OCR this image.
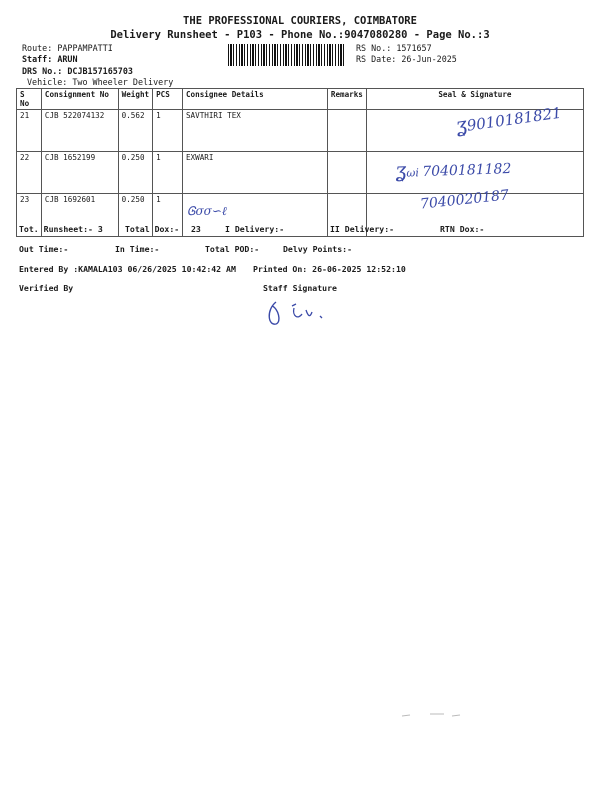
THE PROFESSIONAL COURIERS, COIMBATORE
Delivery Runsheet - P103 - Phone No.:9047080280 - Page No.:3
Route: PAPPAMPATTI
Staff: ARUN
DRS No.: DCJB157165703
Vehicle: Two Wheeler Delivery
RS No.: 1571657
RS Date: 26-Jun-2025
S No	Consignment No	Weight	PCS	Consignee Details	Remarks	Seal & Signature
21	CJB 522074132	0.562	1	SAVTHIRI TEX		
22	CJB 1652199	0.250	1	EXWARI		
23	CJB 1692601	0.250	1			
ʓ9010181821
ʓωi 7040181182
7040020187
Ꮆσσ∽ℓ
Tot. Runsheet:- 3	Total Dox:- 23	I Delivery:-	II Delivery:-	RTN Dox:-
Out Time:-	In Time:-	Total POD:-	Delvy Points:-
Entered By :KAMALA103 06/26/2025 10:42:42 AM Printed On: 26-06-2025 12:52:10
Verified By	Staff Signature
